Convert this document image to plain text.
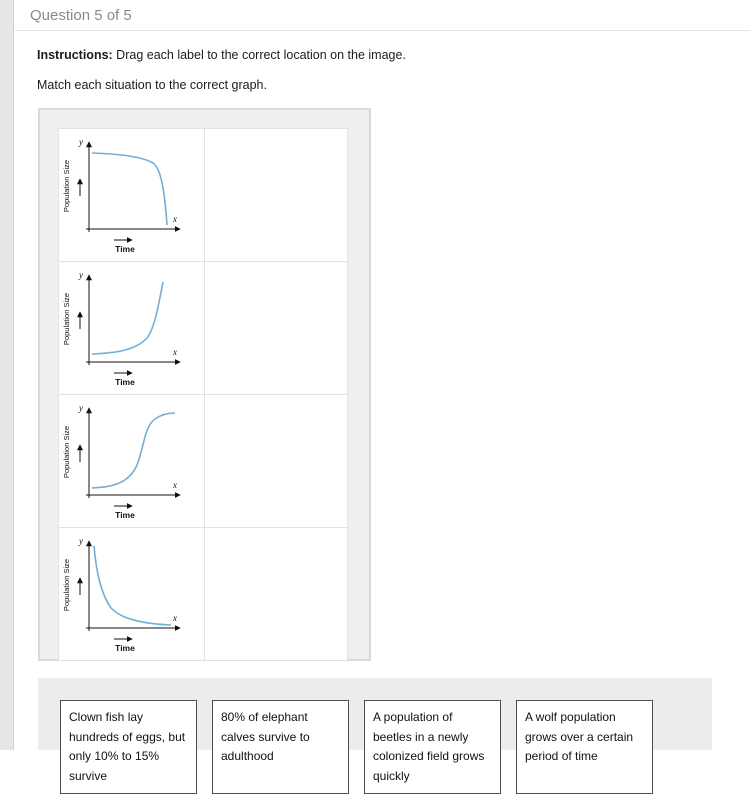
Question 5 of 5
Instructions: Drag each label to the correct location on the image.
Match each situation to the correct graph.
y
x
Population Size
Time	

y
x
Population Size
Time	

y
x
Population Size
Time	

y
x
Population Size
Time	

Clown fish lay hundreds of eggs, but only 10% to 15% survive
80% of elephant calves survive to adulthood
A population of beetles in a newly colonized field grows quickly
A wolf population grows over a certain period of time
